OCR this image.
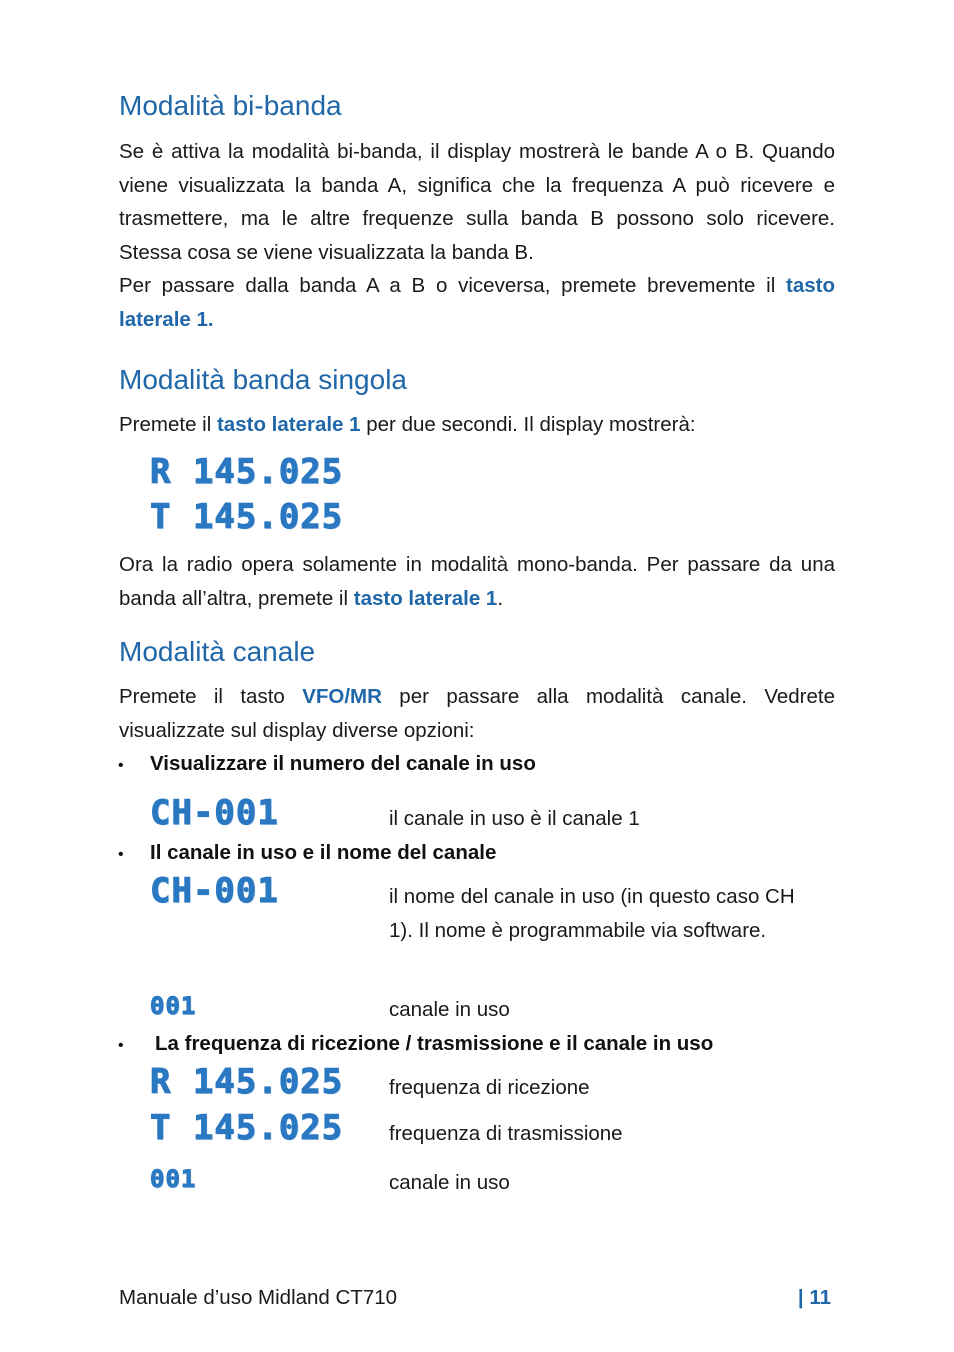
Modalità bi-banda

Se è attiva la modalità bi-banda, il display mostrerà le bande A o B. Quando viene visualizzata la banda A, significa che la frequenza A può ricevere e trasmettere, ma le altre frequenze sulla banda B possono solo ricevere. Stessa cosa se viene visualizzata la banda B.

Per passare dalla banda A a B o viceversa, premete brevemente il tasto laterale 1.

Modalità banda singola

Premete il tasto laterale 1 per due secondi. Il display mostrerà:

R 145.025
T 145.025

Ora la radio opera solamente in modalità mono-banda. Per passare da una banda all’altra, premete il tasto laterale 1.

Modalità canale

Premete il tasto VFO/MR per passare alla modalità canale. Vedrete visualizzate sul display diverse opzioni:

• Visualizzare il numero del canale in uso
CH-001	il canale in uso è il canale 1
• Il canale in uso e il nome del canale
CH-001	il nome del canale in uso (in questo caso CH 1). Il nome è programmabile via software.
001	canale in uso
• La frequenza di ricezione / trasmissione e il canale in uso
R 145.025 frequenza di ricezione
T 145.025 frequenza di trasmissione
001	canale in uso
Manuale d’uso Midland CT710	| 11
